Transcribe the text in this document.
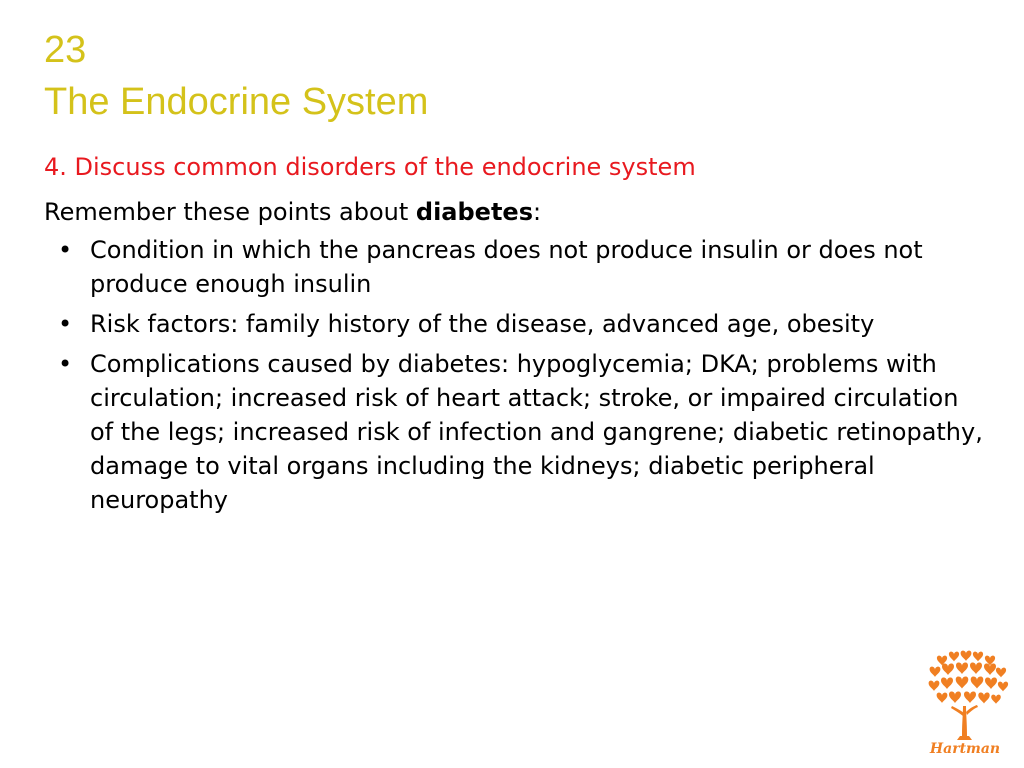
23
The Endocrine System
4. Discuss common disorders of the endocrine system
Remember these points about diabetes:
• Condition in which the pancreas does not produce insulin or does not produce enough insulin
• Risk factors: family history of the disease, advanced age, obesity
• Complications caused by diabetes: hypoglycemia; DKA; problems with circulation; increased risk of heart attack; stroke, or impaired circulation of the legs; increased risk of infection and gangrene; diabetic retinopathy, damage to vital organs including the kidneys; diabetic peripheral neuropathy
Hartman
